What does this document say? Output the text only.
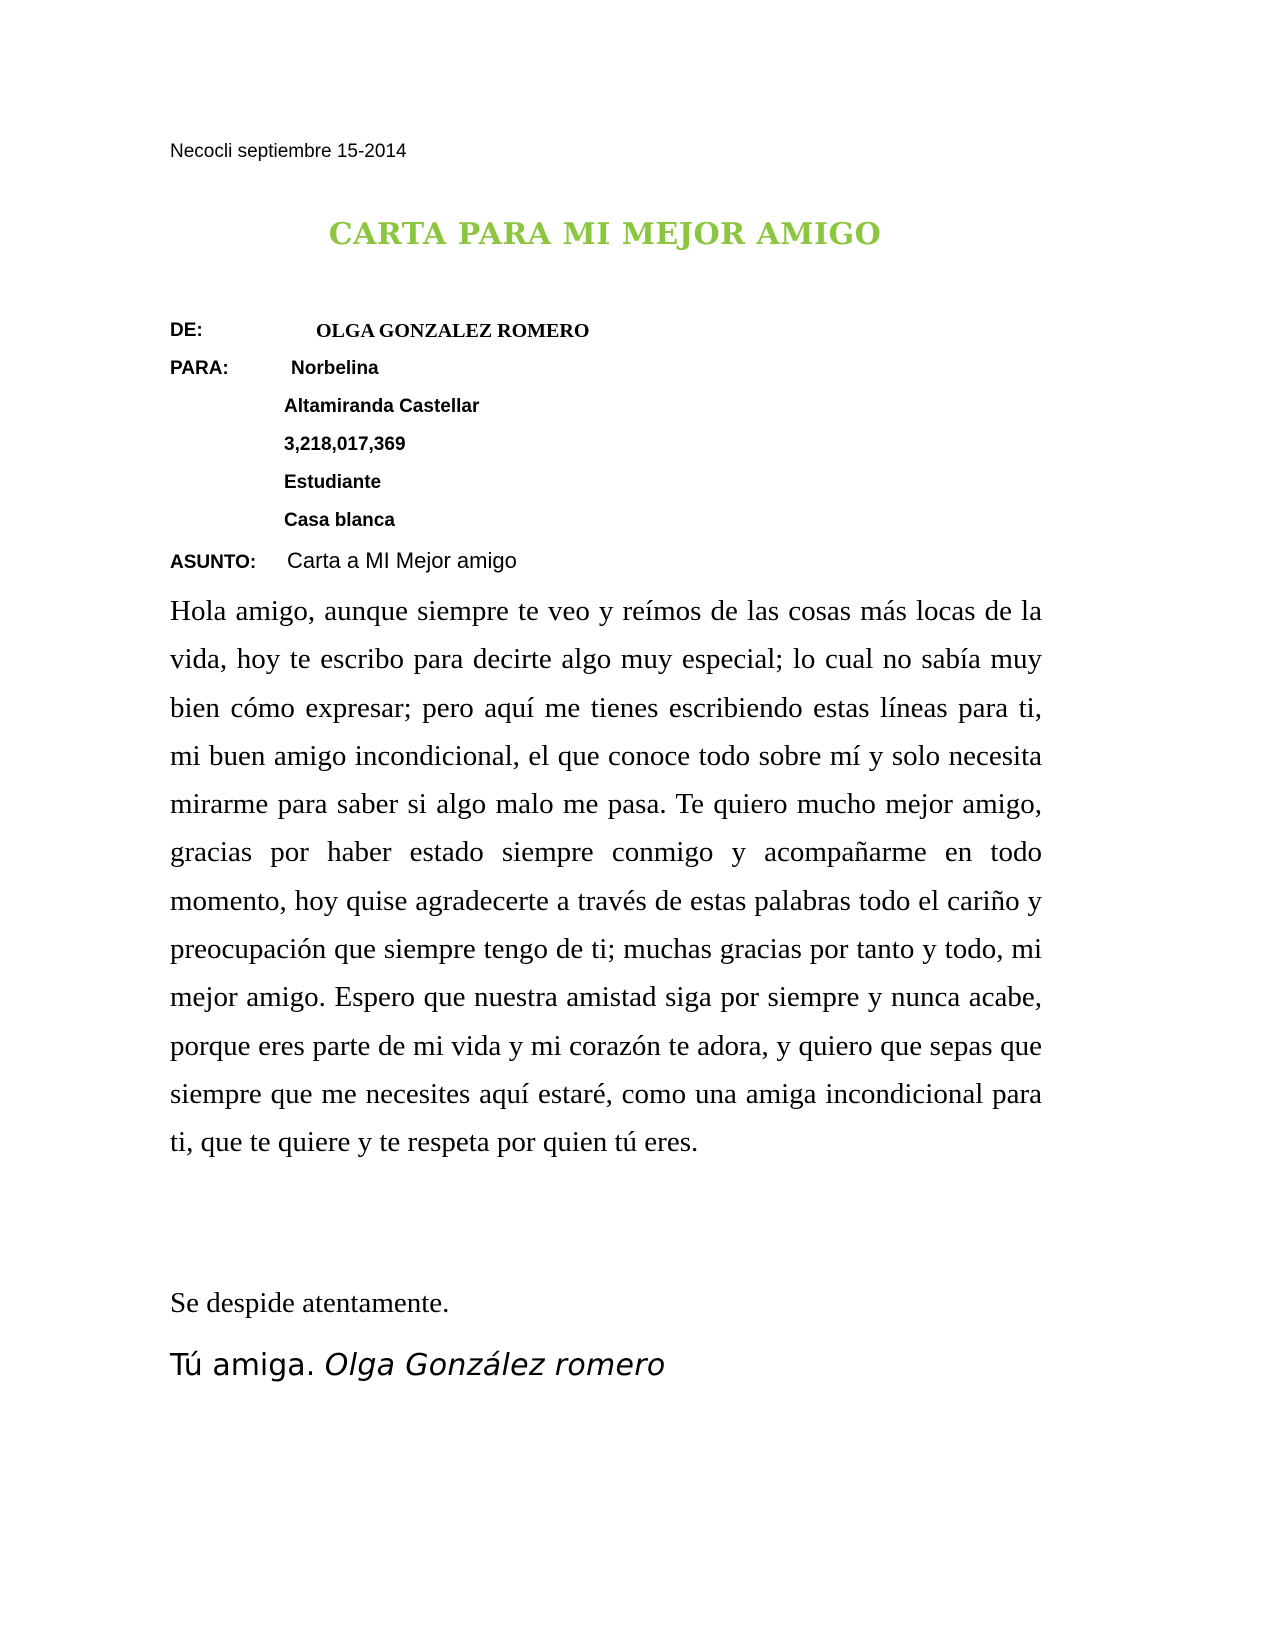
Necocli septiembre 15-2014
CARTA PARA MI MEJOR AMIGO
DE:	OLGA GONZALEZ ROMERO
PARA:	Norbelina
Altamiranda Castellar
3,218,017,369
Estudiante
Casa blanca
ASUNTO: Carta a MI Mejor amigo

Hola amigo, aunque siempre te veo y reímos de las cosas más locas de la vida, hoy te escribo para decirte algo muy especial; lo cual no sabía muy bien cómo expresar; pero aquí me tienes escribiendo estas líneas para ti, mi buen amigo incondicional, el que conoce todo sobre mí y solo necesita mirarme para saber si algo malo me pasa. Te quiero mucho mejor amigo, gracias por haber estado siempre conmigo y acompañarme en todo momento, hoy quise agradecerte a través de estas palabras todo el cariño y preocupación que siempre tengo de ti; muchas gracias por tanto y todo, mi mejor amigo. Espero que nuestra amistad siga por siempre y nunca acabe, porque eres parte de mi vida y mi corazón te adora, y quiero que sepas que siempre que me necesites aquí estaré, como una amiga incondicional para ti, que te quiere y te respeta por quien tú eres.

Se despide atentamente.
Tú amiga. Olga González romero
